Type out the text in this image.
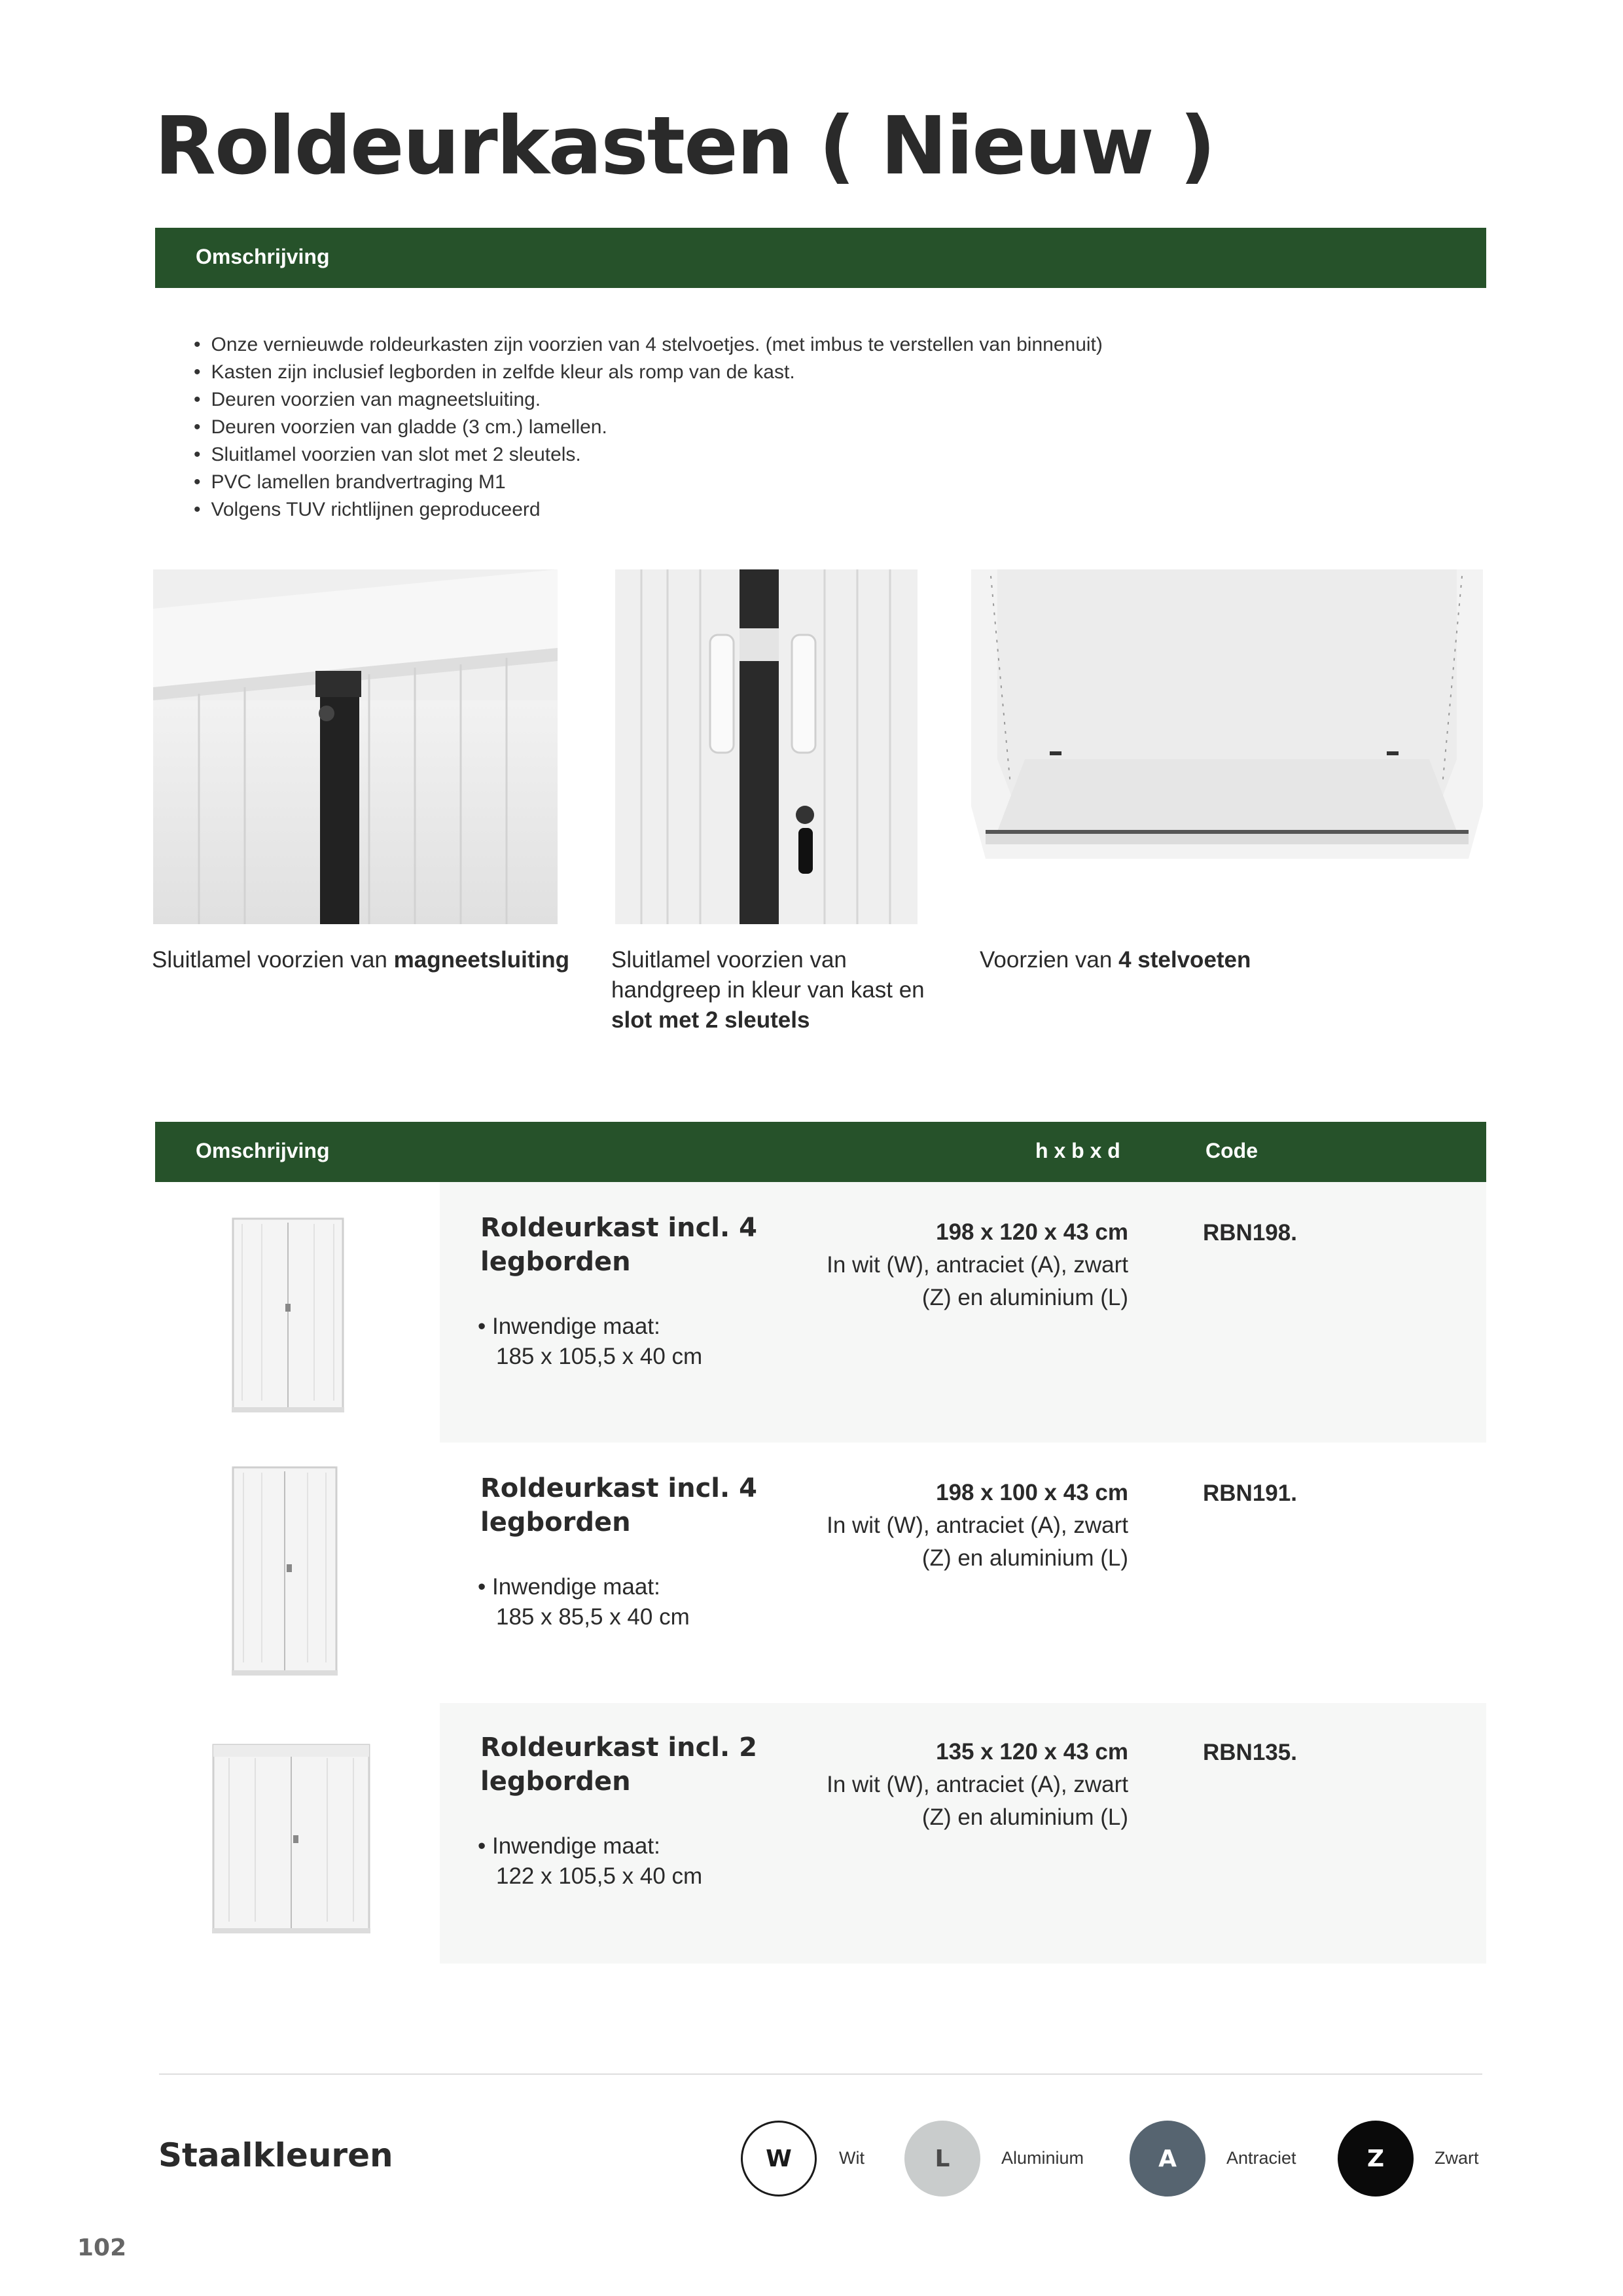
Roldeurkasten ( Nieuw )
Omschrijving
• Onze vernieuwde roldeurkasten zijn voorzien van 4 stelvoetjes. (met imbus te verstellen van binnenuit)
• Kasten zijn inclusief legborden in zelfde kleur als romp van de kast.
• Deuren voorzien van magneetsluiting.
• Deuren voorzien van gladde (3 cm.) lamellen.
• Sluitlamel voorzien van slot met 2 sleutels.
• PVC lamellen brandvertraging M1
• Volgens TUV richtlijnen geproduceerd
Sluitlamel voorzien van magneetsluiting	Sluitlamel voorzien van handgreep in kleur van kast en slot met 2 sleutels
Voorzien van 4 stelvoeten
Omschrijving	h x b x d	Code
Roldeurkast incl. 4 legborden
• Inwendige maat:
185 x 105,5 x 40 cm
198 x 120 x 43 cm
In wit (W), antraciet (A), zwart
(Z) en aluminium (L)
RBN198.
Roldeurkast incl. 4 legborden
• Inwendige maat:
185 x 85,5 x 40 cm
198 x 100 x 43 cm
In wit (W), antraciet (A), zwart
(Z) en aluminium (L)
RBN191.
Roldeurkast incl. 2 legborden
• Inwendige maat:
122 x 105,5 x 40 cm
135 x 120 x 43 cm
In wit (W), antraciet (A), zwart
(Z) en aluminium (L)
RBN135.
Staalkleuren	W	Wit	L	Aluminium	A	Antraciet	Z	Zwart
102
